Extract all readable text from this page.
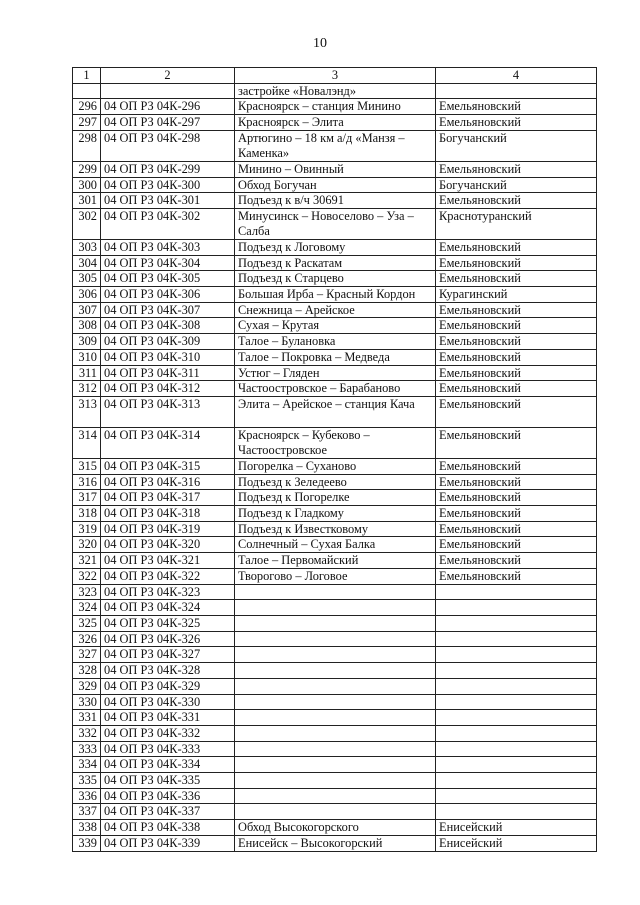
10
1	2	3	4
		застройке «Новалэнд»	
296	04 ОП РЗ 04К-296	Красноярск – станция Минино	Емельяновский
297	04 ОП РЗ 04К-297	Красноярск – Элита	Емельяновский
298	04 ОП РЗ 04К-298	Артюгино – 18 км а/д «Манзя – Каменка»	Богучанский
299	04 ОП РЗ 04К-299	Минино – Овинный	Емельяновский
300	04 ОП РЗ 04К-300	Обход Богучан	Богучанский
301	04 ОП РЗ 04К-301	Подъезд к в/ч 30691	Емельяновский
302	04 ОП РЗ 04К-302	Минусинск – Новоселово – Уза – Салба	Краснотуранский
303	04 ОП РЗ 04К-303	Подъезд к Логовому	Емельяновский
304	04 ОП РЗ 04К-304	Подъезд к Раскатам	Емельяновский
305	04 ОП РЗ 04К-305	Подъезд к Старцево	Емельяновский
306	04 ОП РЗ 04К-306	Большая Ирба – Красный Кордон	Курагинский
307	04 ОП РЗ 04К-307	Снежница – Арейское	Емельяновский
308	04 ОП РЗ 04К-308	Сухая – Крутая	Емельяновский
309	04 ОП РЗ 04К-309	Талое – Булановка	Емельяновский
310	04 ОП РЗ 04К-310	Талое – Покровка – Медведа	Емельяновский
311	04 ОП РЗ 04К-311	Устюг – Гляден	Емельяновский
312	04 ОП РЗ 04К-312	Частоостровское – Барабаново	Емельяновский
313	04 ОП РЗ 04К-313	Элита – Арейское – станция Кача	Емельяновский
314	04 ОП РЗ 04К-314	Красноярск – Кубеково – Частоостровское	Емельяновский
315	04 ОП РЗ 04К-315	Погорелка – Суханово	Емельяновский
316	04 ОП РЗ 04К-316	Подъезд к Зеледеево	Емельяновский
317	04 ОП РЗ 04К-317	Подъезд к Погорелке	Емельяновский
318	04 ОП РЗ 04К-318	Подъезд к Гладкому	Емельяновский
319	04 ОП РЗ 04К-319	Подъезд к Известковому	Емельяновский
320	04 ОП РЗ 04К-320	Солнечный – Сухая Балка	Емельяновский
321	04 ОП РЗ 04К-321	Талое – Первомайский	Емельяновский
322	04 ОП РЗ 04К-322	Творогово – Логовое	Емельяновский
323	04 ОП РЗ 04К-323		
324	04 ОП РЗ 04К-324		
325	04 ОП РЗ 04К-325		
326	04 ОП РЗ 04К-326		
327	04 ОП РЗ 04К-327		
328	04 ОП РЗ 04К-328		
329	04 ОП РЗ 04К-329		
330	04 ОП РЗ 04К-330		
331	04 ОП РЗ 04К-331		
332	04 ОП РЗ 04К-332		
333	04 ОП РЗ 04К-333		
334	04 ОП РЗ 04К-334		
335	04 ОП РЗ 04К-335		
336	04 ОП РЗ 04К-336		
337	04 ОП РЗ 04К-337		
338	04 ОП РЗ 04К-338	Обход Высокогорского	Енисейский
339	04 ОП РЗ 04К-339	Енисейск – Высокогорский	Енисейский
